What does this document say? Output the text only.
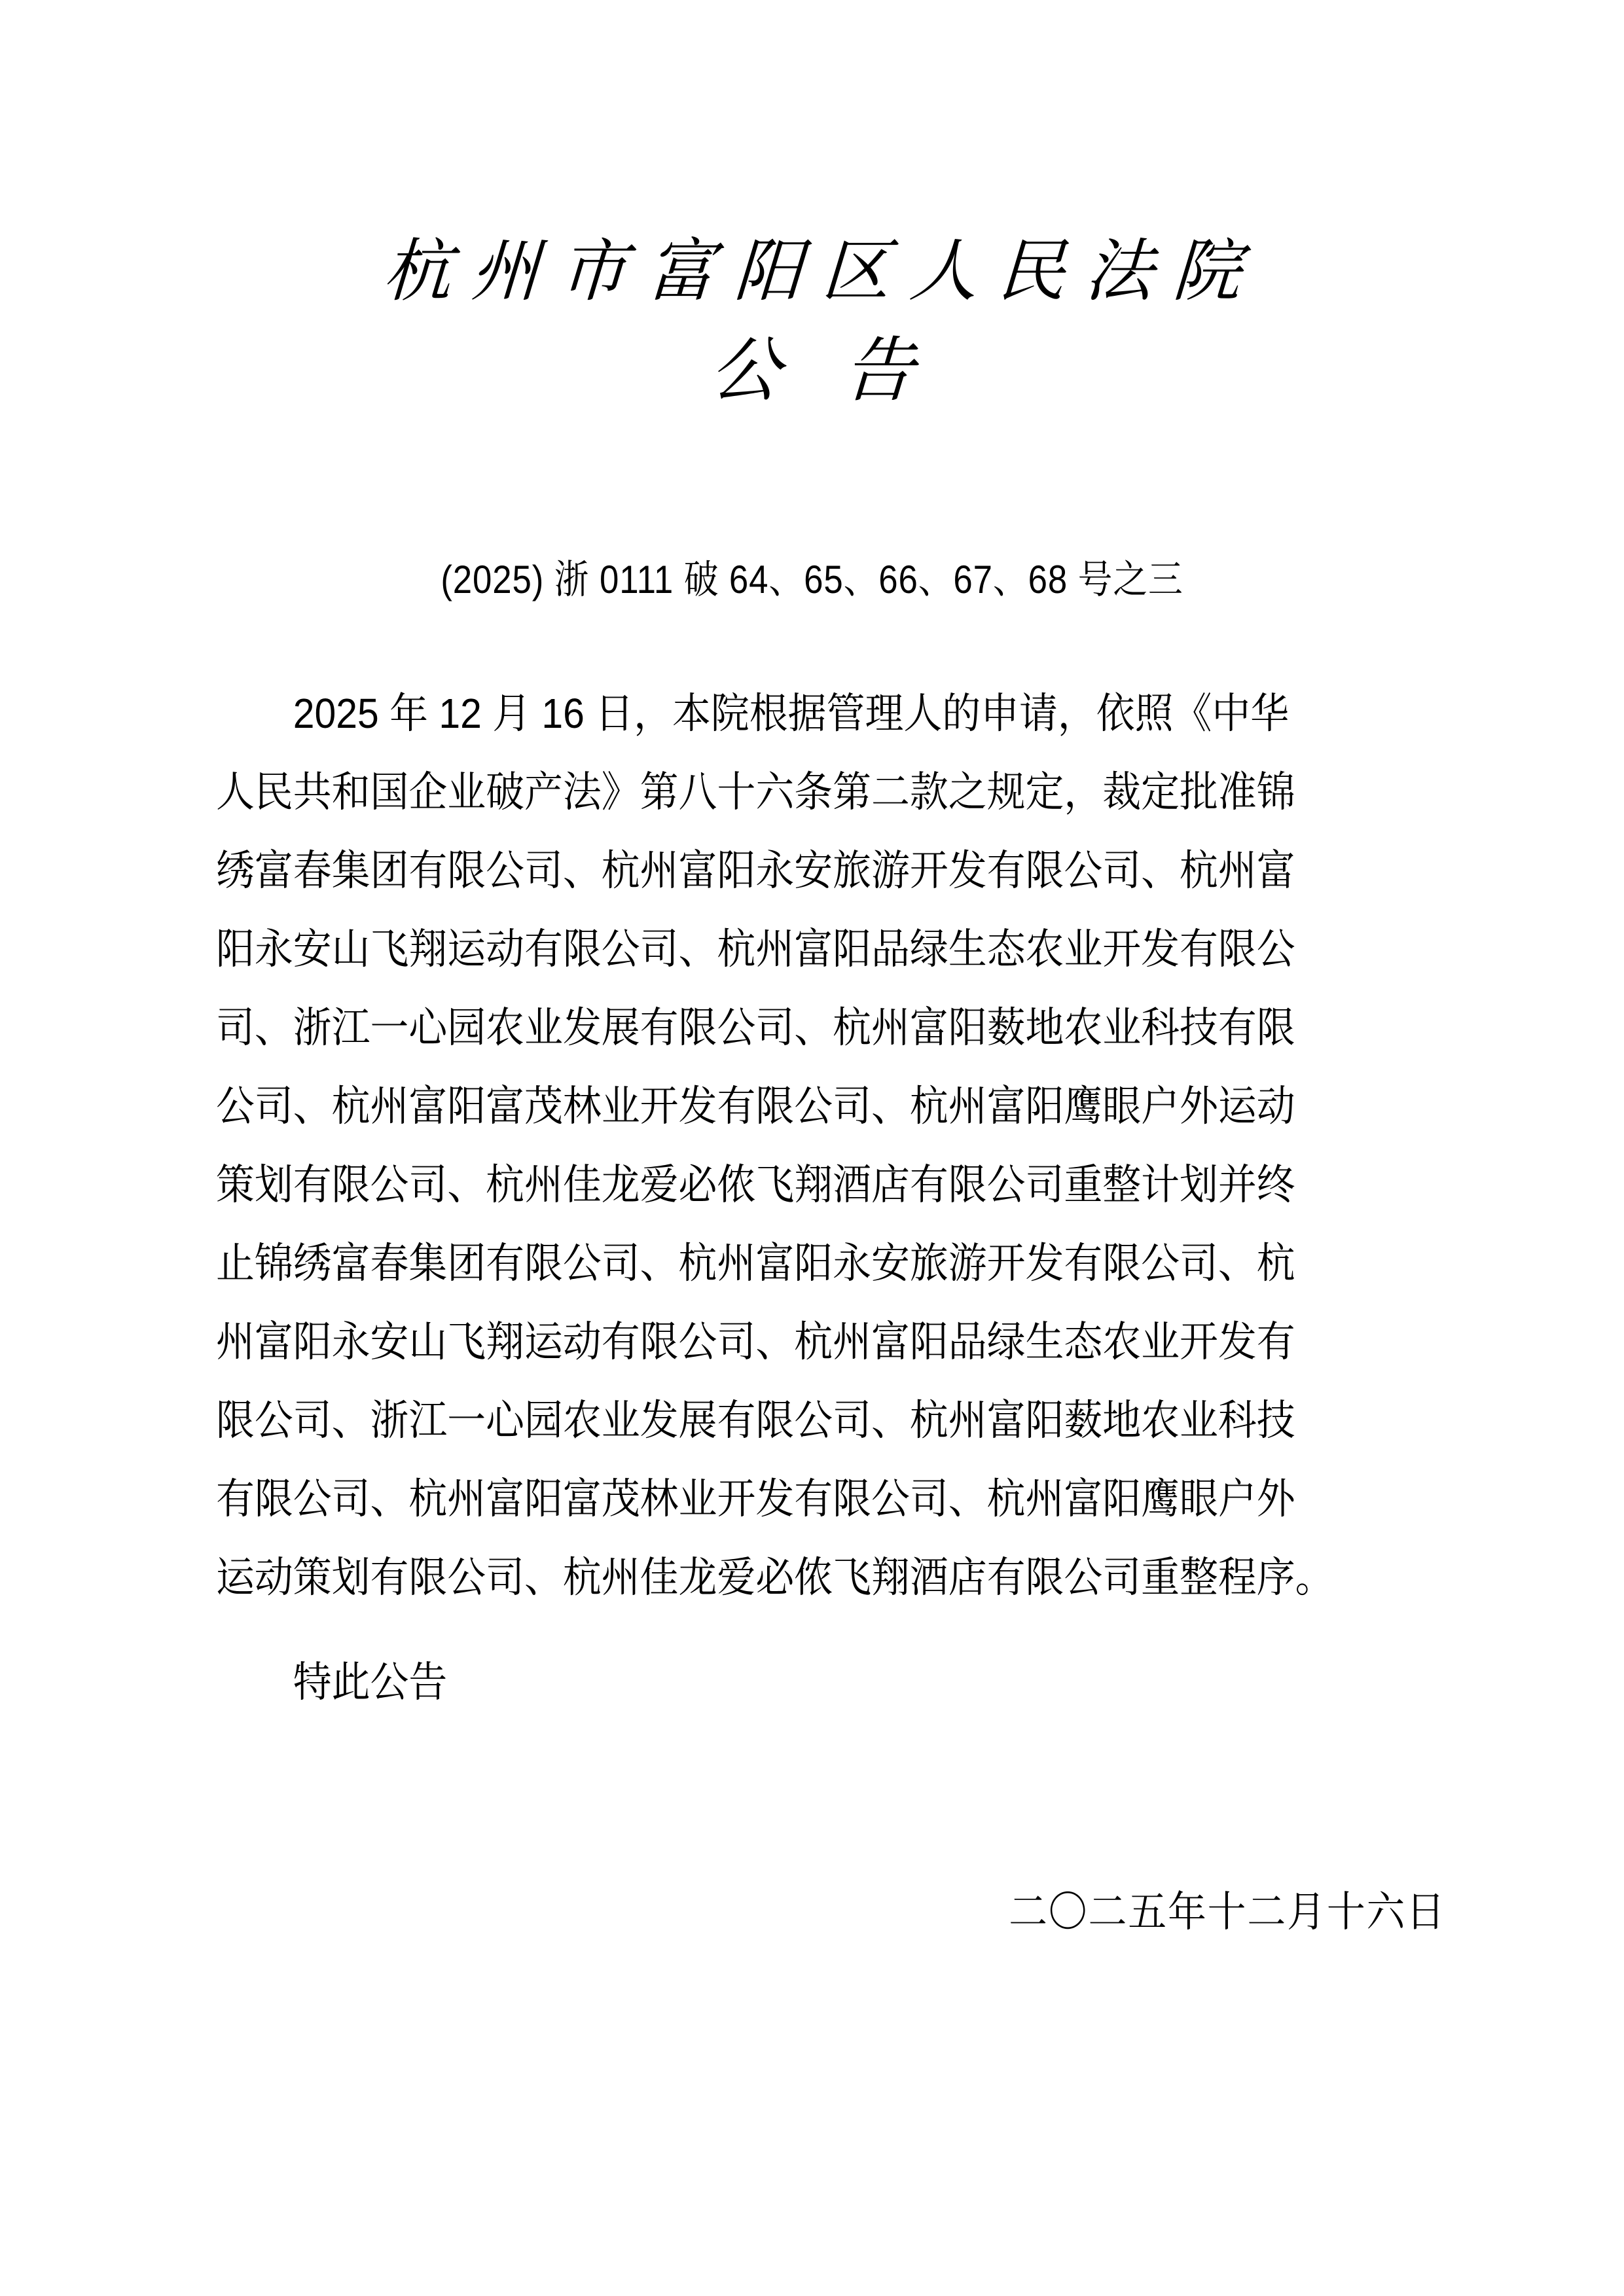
杭州市富阳区人民法院
公告
(2025) 浙 0111 破 64、65、66、67、68 号之三
2025 年 12 月 16 日，本院根据管理人的申请，依照《中华
人民共和国企业破产法》第八十六条第二款之规定，裁定批准锦
绣富春集团有限公司、杭州富阳永安旅游开发有限公司、杭州富
阳永安山飞翔运动有限公司、杭州富阳品绿生态农业开发有限公
司、浙江一心园农业发展有限公司、杭州富阳薮地农业科技有限
公司、杭州富阳富茂林业开发有限公司、杭州富阳鹰眼户外运动
策划有限公司、杭州佳龙爱必侬飞翔酒店有限公司重整计划并终
止锦绣富春集团有限公司、杭州富阳永安旅游开发有限公司、杭
州富阳永安山飞翔运动有限公司、杭州富阳品绿生态农业开发有
限公司、浙江一心园农业发展有限公司、杭州富阳薮地农业科技
有限公司、杭州富阳富茂林业开发有限公司、杭州富阳鹰眼户外
运动策划有限公司、杭州佳龙爱必侬飞翔酒店有限公司重整程序。
特此公告
二〇二五年十二月十六日
